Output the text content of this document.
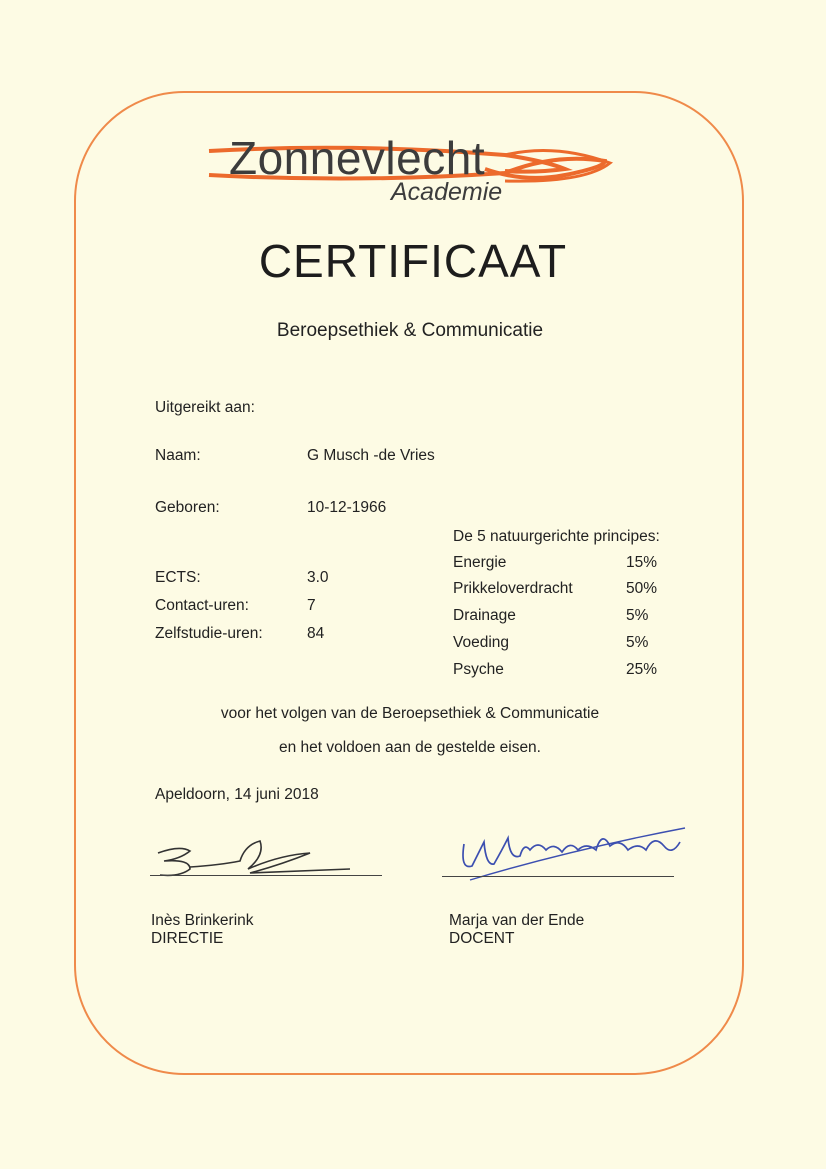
Zonnevlecht
Academie
CERTIFICAAT
Beroepsethiek & Communicatie
Uitgereikt aan:
Naam:	G Musch -de Vries
Geboren:	10-12-1966
ECTS:	3.0
Contact-uren:	7
Zelfstudie-uren:	84
De 5 natuurgerichte principes:
Energie	15%
Prikkeloverdracht	50%
Drainage	5%
Voeding	5%
Psyche	25%
voor het volgen van de Beroepsethiek & Communicatie
en het voldoen aan de gestelde eisen.
Apeldoorn, 14 juni 2018
Inès Brinkerink
DIRECTIE
Marja van der Ende
DOCENT
